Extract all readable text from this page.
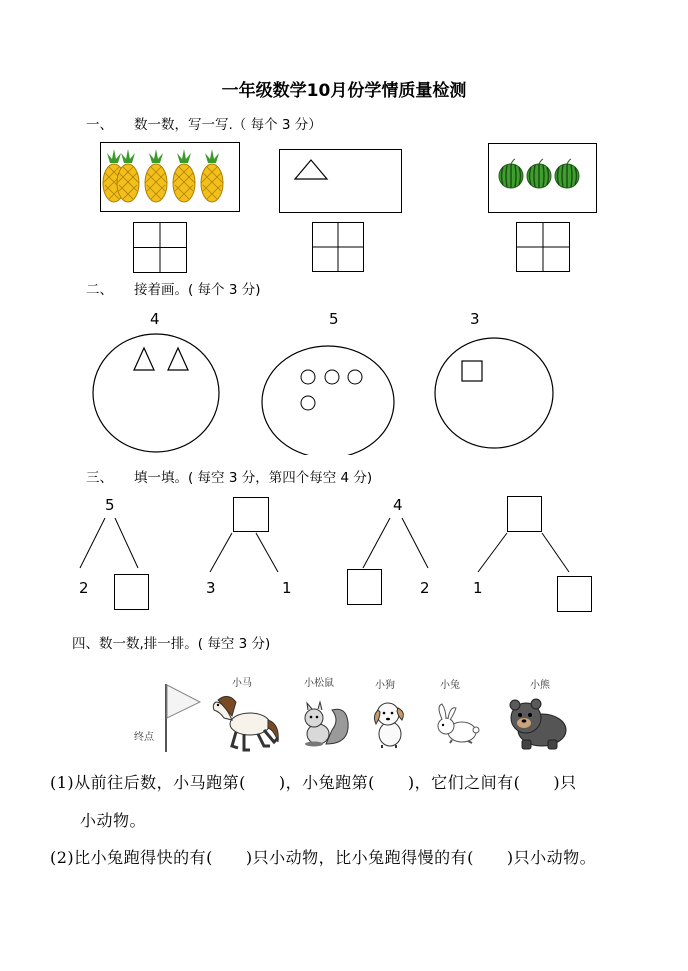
一年级数学10月份学情质量检测
一、 数一数，写一写.（ 每个 3 分）
二、 接着画。( 每个 3 分)
4	5	3
三、 填一填。( 每空 3 分，第四个每空 4 分)
5
2	3	1
4
2	1
四、数一数,排一排。( 每空 3 分)
小马	小松鼠	小狗	小兔	小熊
终点
(1)从前往后数，小马跑第(　　)，小兔跑第(　　)，它们之间有(　　)只
小动物。
(2)比小兔跑得快的有(　　)只小动物，比小兔跑得慢的有(　　)只小动物。
